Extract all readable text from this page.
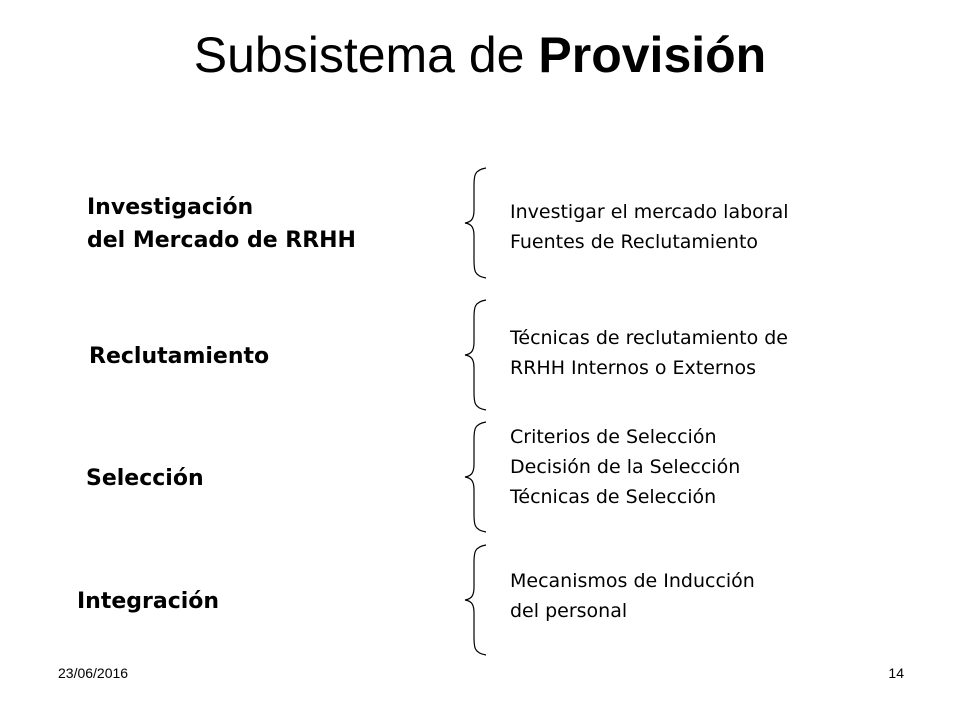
Subsistema de Provisión
Investigación
del Mercado de RRHH
Investigar el mercado laboral
Fuentes de Reclutamiento
Reclutamiento
Técnicas de reclutamiento de
RRHH Internos o Externos
Selección
Criterios de Selección
Decisión de la Selección
Técnicas de Selección
Integración
Mecanismos de Inducción
del personal
23/06/2016	14
